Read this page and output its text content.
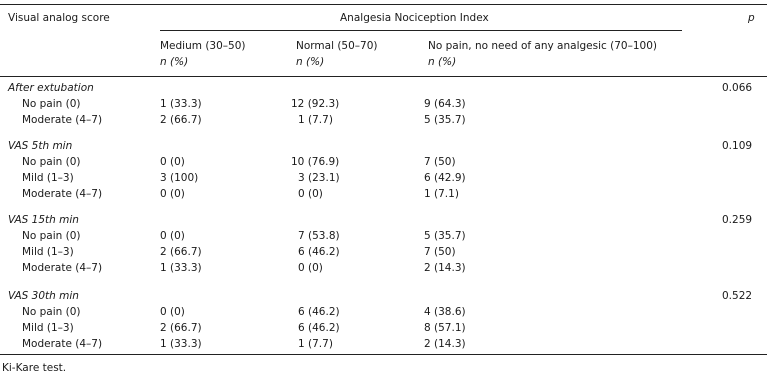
Visual analog score	Analgesia Nociception Index	p
Medium (30–50)	Normal (50–70)	No pain, no need of any analgesic (70–100)
n (%)	n (%)	n (%)
After extubation	0.066
No pain (0)	1 (33.3)	12 (92.3)	9 (64.3)
Moderate (4–7)	2 (66.7)	1 (7.7)	5 (35.7)
VAS 5th min	0.109
No pain (0)	0 (0)	10 (76.9)	7 (50)
Mild (1–3)	3 (100)	3 (23.1)	6 (42.9)
Moderate (4–7)	0 (0)	0 (0)	1 (7.1)
VAS 15th min	0.259
No pain (0)	0 (0)	7 (53.8)	5 (35.7)
Mild (1–3)	2 (66.7)	6 (46.2)	7 (50)
Moderate (4–7)	1 (33.3)	0 (0)	2 (14.3)
VAS 30th min	0.522
No pain (0)	0 (0)	6 (46.2)	4 (38.6)
Mild (1–3)	2 (66.7)	6 (46.2)	8 (57.1)
Moderate (4–7)	1 (33.3)	1 (7.7)	2 (14.3)
Ki-Kare test.
